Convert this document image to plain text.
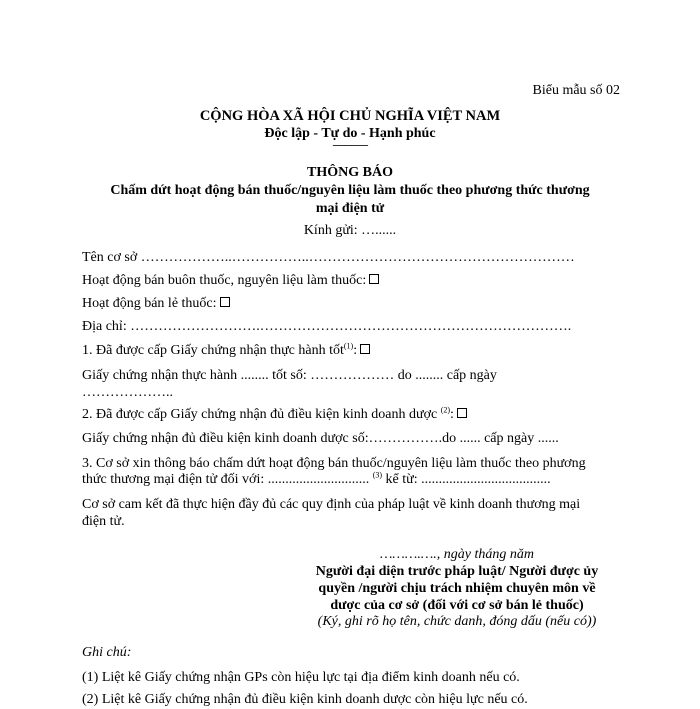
Biểu mẫu số 02
CỘNG HÒA XÃ HỘI CHỦ NGHĨA VIỆT NAM
Độc lập - Tự do - Hạnh phúc
---------------
THÔNG BÁO
Chấm dứt hoạt động bán thuốc/nguyên liệu làm thuốc theo phương thức thương
mại điện tử
Kính gửi: …......
Tên cơ sở ………………..……………..…………………………………………………
Hoạt động bán buôn thuốc, nguyên liệu làm thuốc:
Hoạt động bán lẻ thuốc:
Địa chỉ: ……………………….………………………………………………………….
1. Đã được cấp Giấy chứng nhận thực hành tốt$^{(1)}$:
Giấy chứng nhận thực hành ........ tốt số: ……………… do ........ cấp ngày
………………..
2. Đã được cấp Giấy chứng nhận đủ điều kiện kinh doanh dược $^{(2)}$:
Giấy chứng nhận đủ điều kiện kinh doanh dược số:…………….do ...... cấp ngày ......
3. Cơ sở xin thông báo chấm dứt hoạt động bán thuốc/nguyên liệu làm thuốc theo phương
thức thương mại điện tử đối với: ............................. $^{(3)}$ kể từ: .....................................
Cơ sở cam kết đã thực hiện đầy đủ các quy định của pháp luật về kinh doanh thương mại
điện tử.
……….…., ngày tháng năm
Người đại diện trước pháp luật/ Người được ủy
quyền /người chịu trách nhiệm chuyên môn về
dược của cơ sở (đối với cơ sở bán lẻ thuốc)
(Ký, ghi rõ họ tên, chức danh, đóng dấu (nếu có))
Ghi chú:
(1) Liệt kê Giấy chứng nhận GPs còn hiệu lực tại địa điểm kinh doanh nếu có.
(2) Liệt kê Giấy chứng nhận đủ điều kiện kinh doanh dược còn hiệu lực nếu có.
